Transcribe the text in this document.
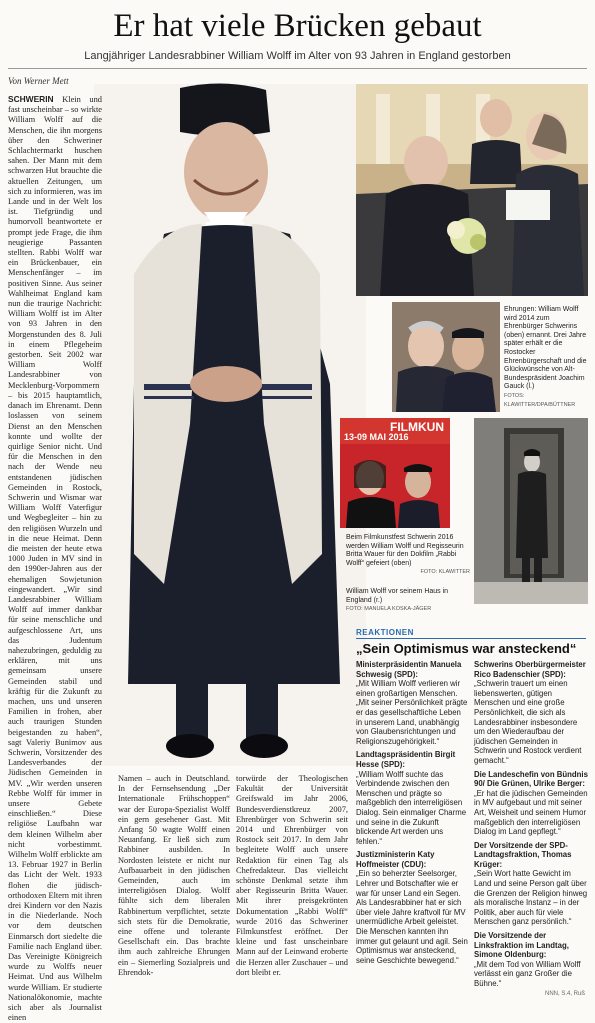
Er hat viele Brücken gebaut
Langjähriger Landesrabbiner William Wolff im Alter von 93 Jahren in England gestorben
Von Werner Mett
SCHWERIN Klein und fast unscheinbar – so wirkte William Wolff auf die Menschen, die ihn morgens über den Schweriner Schlachtermarkt huschen sahen. Der Mann mit dem schwarzen Hut brauchte die aktuellen Zeitungen, um sich zu informieren, was im Lande und in der Welt los ist. Tiefgründig und humorvoll beantwortete er prompt jede Frage, die ihm neugierige Passanten stellten. Rabbi Wolff war ein Brückenbauer, ein Menschenfänger – im positiven Sinne. Aus seiner Wahlheimat England kam nun die traurige Nachricht: William Wolff ist im Alter von 93 Jahren in den Morgenstunden des 8. Juli in einem Pflegeheim gestorben. Seit 2002 war William Wolff Landesrabbiner von Mecklenburg-Vorpommern – bis 2015 hauptamtlich, danach im Ehrenamt. Denn loslassen von seinem Dienst an den Menschen konnte und wollte der quirlige Senior nicht. Und für die Menschen in den nach der Wende neu entstandenen jüdischen Gemeinden in Rostock, Schwerin und Wismar war William Wolff Vaterfigur und Wegbegleiter – hin zu den religiösen Wurzeln und in die neue Heimat. Denn die meisten der heute etwa 1000 Juden in MV sind in den 1990er-Jahren aus der ehemaligen Sowjetunion eingewandert. „Wir sind Landesrabbiner William Wolff auf immer dankbar für seine menschliche und aufgeschlossene Art, uns das Judentum nahezubringen, geduldig zu erklären, mit uns gemeinsam unsere Gemeinden stabil und kräftig für die Zukunft zu machen, uns und unseren Familien in frohen, aber auch traurigen Stunden beigestanden zu haben“, sagt Valeriy Bunimov aus Schwerin, Vorsitzender des Landesverbandes der Jüdischen Gemeinden in MV. „Wir werden unseren Rebbe Wolff für immer in unsere Gebete einschließen.“ Diese religiöse Laufbahn war dem kleinen Wilhelm aber nicht vorbestimmt. Wilhelm Wolff erblickte am 13. Februar 1927 in Berlin das Licht der Welt. 1933 flohen die jüdisch-orthodoxen Eltern mit ihren drei Kindern vor den Nazis in die Niederlande. Noch vor dem deutschen Einmarsch dort siedelte die Familie nach England über. Das Vereinigte Königreich wurde zu Wolffs neuer Heimat. Und aus Wilhelm wurde William. Er studierte Nationalökonomie, machte sich aber als Journalist einen
Namen – auch in Deutschland. In der Fernsehsendung „Der Internationale Frühschoppen“ war der Europa-Spezialist Wolff ein gern gesehener Gast. Mit Anfang 50 wagte Wolff einen Neuanfang. Er ließ sich zum Rabbiner ausbilden. In Nordosten leistete er nicht nur Aufbauarbeit in den jüdischen Gemeinden, auch im interreligiösen Dialog. Wolff fühlte sich dem liberalen Rabbinertum verpflichtet, setzte sich stets für die Demokratie, eine offene und tolerante Gesellschaft ein. Das brachte ihm auch zahlreiche Ehrungen ein – Siemerling Sozialpreis und Ehrendok-
torwürde der Theologischen Fakultät der Universität Greifswald im Jahr 2006, Bundesverdienstkreuz 2007, Ehrenbürger von Schwerin seit 2014 und Ehrenbürger von Rostock seit 2017. In dem Jahr begleitete Wolff auch unsere Redaktion für einen Tag als Chefredakteur. Das vielleicht schönste Denkmal setzte ihm aber Regisseurin Britta Wauer. Mit ihrer preisgekrönten Dokumentation „Rabbi Wolff“ wurde 2016 das Schweriner Filmkunstfest eröffnet. Der kleine und fast unscheinbare Mann auf der Leinwand eroberte die Herzen aller Zuschauer – und dort bleibt er.
Ehrungen: William Wolff wird 2014 zum Ehrenbürger Schwerins (oben) ernannt. Drei Jahre später erhält er die Rostocker Ehrenbürgerschaft und die Glückwünsche von Alt-Bundespräsident Joachim Gauck (l.)
FOTOS: KLAWITTER/DPA/BÜTTNER
FILMKUN
13-09 MAI 2016
Beim Filmkunstfest Schwerin 2016 werden William Wolff und Regisseurin Britta Wauer für den Dokfilm „Rabbi Wolff“ gefeiert (oben)
FOTO: KLAWITTER
William Wolff vor seinem Haus in England (r.)
FOTO: MANUELA KOSKA-JÄGER
REAKTIONEN
„Sein Optimismus war ansteckend“

Ministerpräsidentin Manuela Schwesig (SPD):
„Mit William Wolff verlieren wir einen großartigen Menschen. „Mit seiner Persönlichkeit prägte er das gesellschaftliche Leben in unserem Land, unabhängig von Glaubensrichtungen und Religionszugehörigkeit.“

Landtagspräsidentin Birgit Hesse (SPD):
„William Wolff suchte das Verbindende zwischen den Menschen und prägte so maßgeblich den interreligiösen Dialog. Sein einmaliger Charme und seine in die Zukunft blickende Art werden uns fehlen.“

Justizministerin Katy Hoffmeister (CDU):
„Ein so beherzter Seelsorger, Lehrer und Botschafter wie er war für unser Land ein Segen. Als Landesrabbiner hat er sich über viele Jahre kraftvoll für MV unermüdliche Arbeit geleistet. Die Menschen kannten ihn immer gut gelaunt und agil. Sein Optimismus war ansteckend, seine Geschichte bewegend.“

Schwerins Oberbürgermeister Rico Badenschier (SPD):
„Schwerin trauert um einen liebenswerten, gütigen Menschen und eine große Persönlichkeit, die sich als Landesrabbiner insbesondere um den Wiederaufbau der jüdischen Gemeinden in Schwerin und Rostock verdient gemacht.“

Die Landeschefin von Bündnis 90/ Die Grünen, Ulrike Berger:
„Er hat die jüdischen Gemeinden in MV aufgebaut und mit seiner Art, Weisheit und seinem Humor maßgeblich den interreligiösen Dialog im Land gepflegt.“

Der Vorsitzende der SPD-Landtagsfraktion, Thomas Krüger:
„Sein Wort hatte Gewicht im Land und seine Person galt über die Grenzen der Religion hinweg als moralische Instanz – in der Politik, aber auch für viele Menschen ganz persönlich.“

Die Vorsitzende der Linksfraktion im Landtag, Simone Oldenburg:
„Mit dem Tod von William Wolff verlässt ein ganz Großer die Bühne.“

NNN, S.4, Ruß
